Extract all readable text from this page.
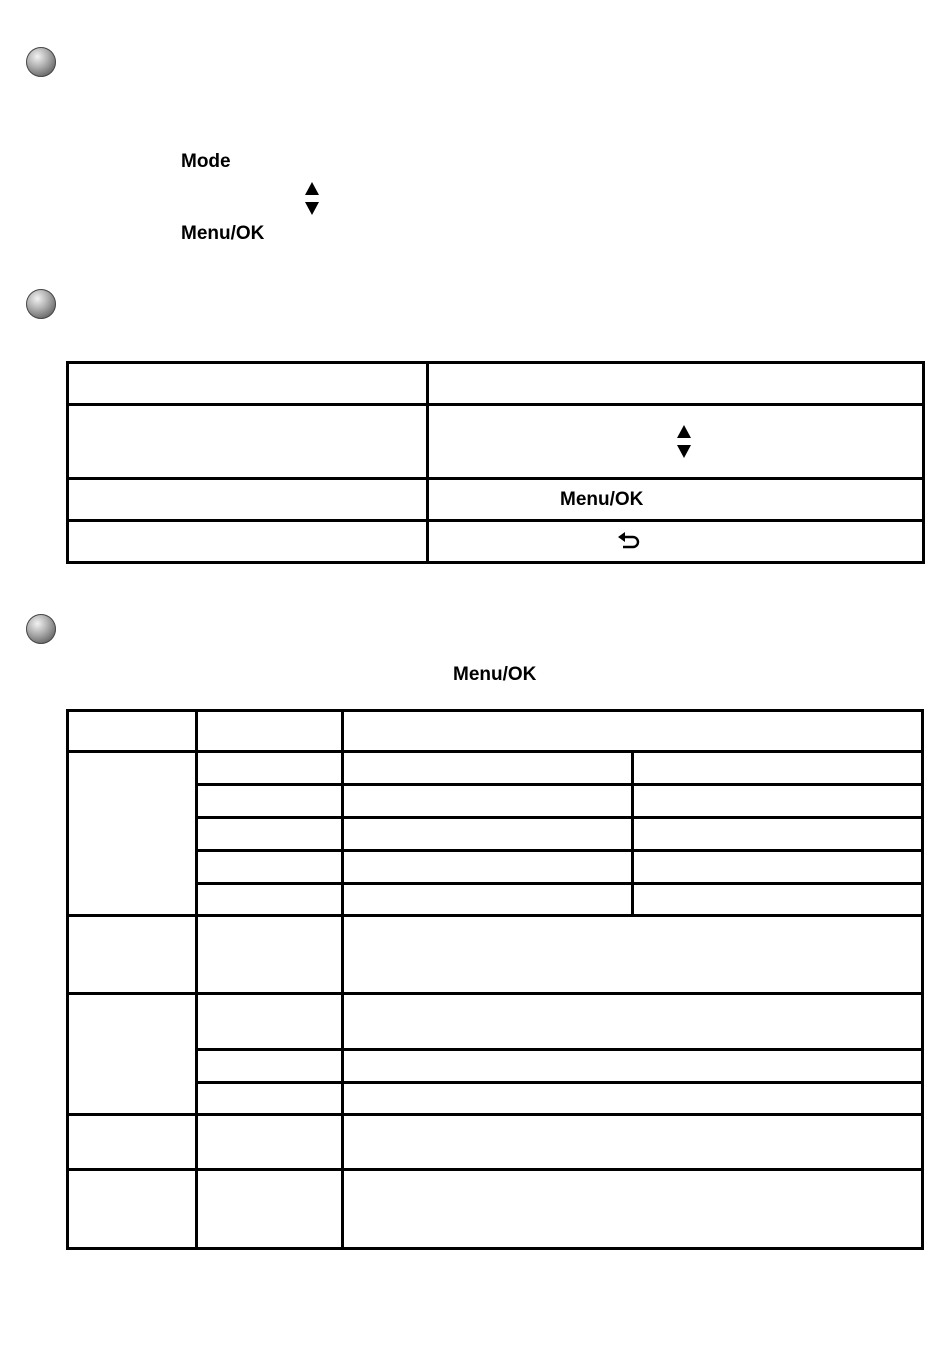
Mode
Menu/OK

	Menu/OK

Menu/OK
